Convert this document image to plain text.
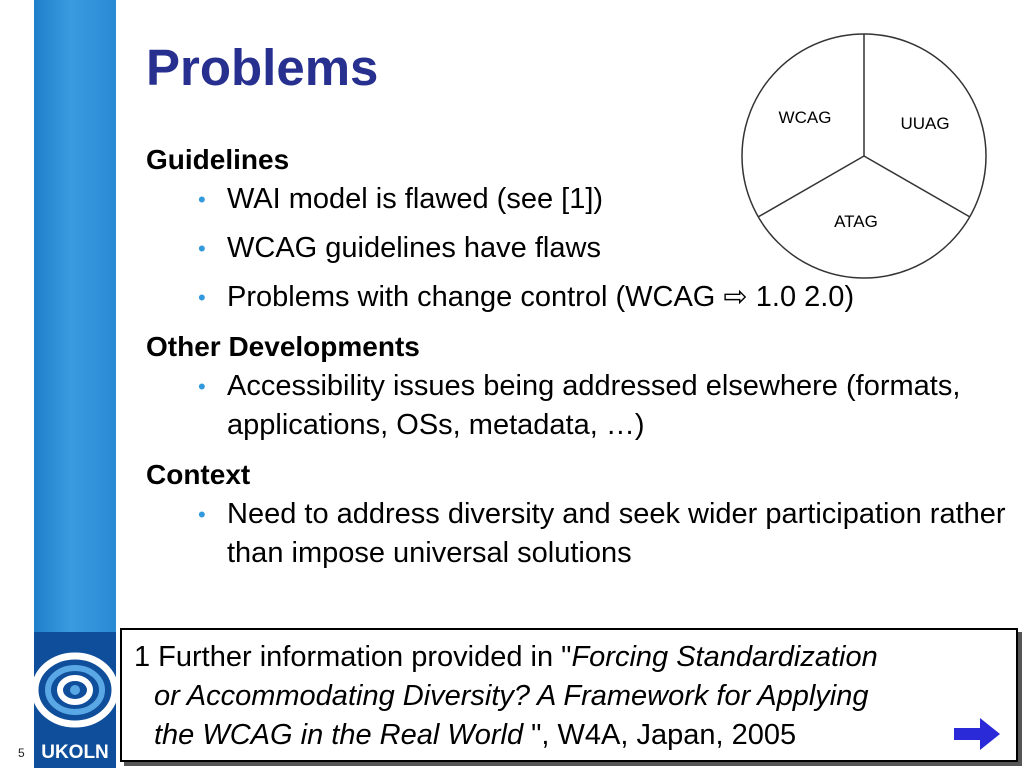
UKOLN
5
Problems
Guidelines
• WAI model is flawed (see [1])
• WCAG guidelines have flaws
• Problems with change control (WCAG ⇨ 1.0 2.0)
Other Developments
• Accessibility issues being addressed elsewhere (formats, applications, OSs, metadata, …)
Context
• Need to address diversity and seek wider participation rather than impose universal solutions
WCAG	UUAG
ATAG
1 Further information provided in "Forcing Standardization
or Accommodating Diversity? A Framework for Applying
the WCAG in the Real World ", W4A, Japan, 2005
